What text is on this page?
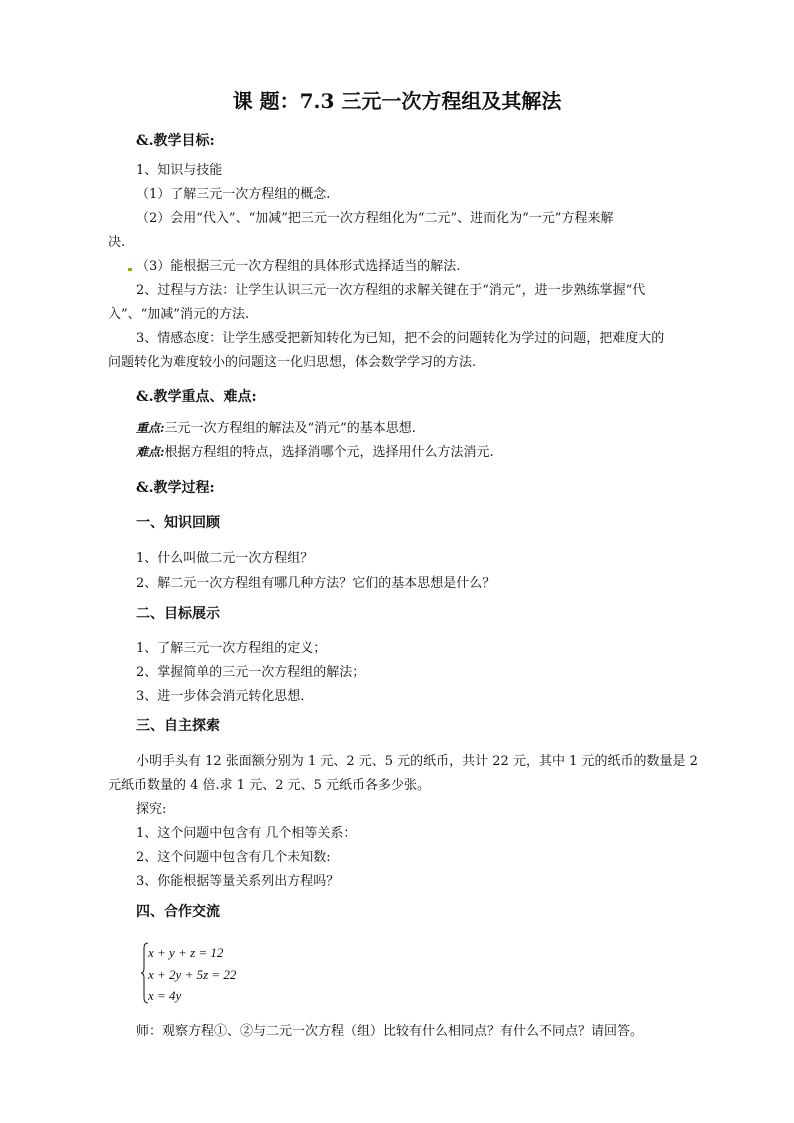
课 题：7.3 三元一次方程组及其解法
&.教学目标:
1、知识与技能
（1）了解三元一次方程组的概念.
（2）会用“代入”、“加减”把三元一次方程组化为“二元”、进而化为“一元”方程来解
决.
（3）能根据三元一次方程组的具体形式选择适当的解法.
2、过程与方法：让学生认识三元一次方程组的求解关键在于“消元”，进一步熟练掌握“代
入”、“加减”消元的方法.
3、情感态度：让学生感受把新知转化为已知，把不会的问题转化为学过的问题，把难度大的
问题转化为难度较小的问题这一化归思想，体会数学学习的方法.
&.教学重点、难点:
重点:三元一次方程组的解法及“消元”的基本思想.
难点:根据方程组的特点，选择消哪个元，选择用什么方法消元.
&.教学过程:
一、知识回顾
1、什么叫做二元一次方程组？
2、解二元一次方程组有哪几种方法？它们的基本思想是什么？
二、目标展示
1、了解三元一次方程组的定义；
2、掌握简单的三元一次方程组的解法；
3、进一步体会消元转化思想．
三、自主探索
小明手头有 12 张面额分别为 1 元、2 元、5 元的纸币，共计 22 元，其中 1 元的纸币的数量是 2
元纸币数量的 4 倍.求 1 元、2 元、5 元纸币各多少张。
探究:
1、这个问题中包含有 几个相等关系：
2、这个问题中包含有几个未知数:
3、你能根据等量关系列出方程吗？
四、合作交流
x + y + z = 12
x + 2y + 5z = 22
x = 4y
师：观察方程①、②与二元一次方程（组）比较有什么相同点？有什么不同点？请回答。
